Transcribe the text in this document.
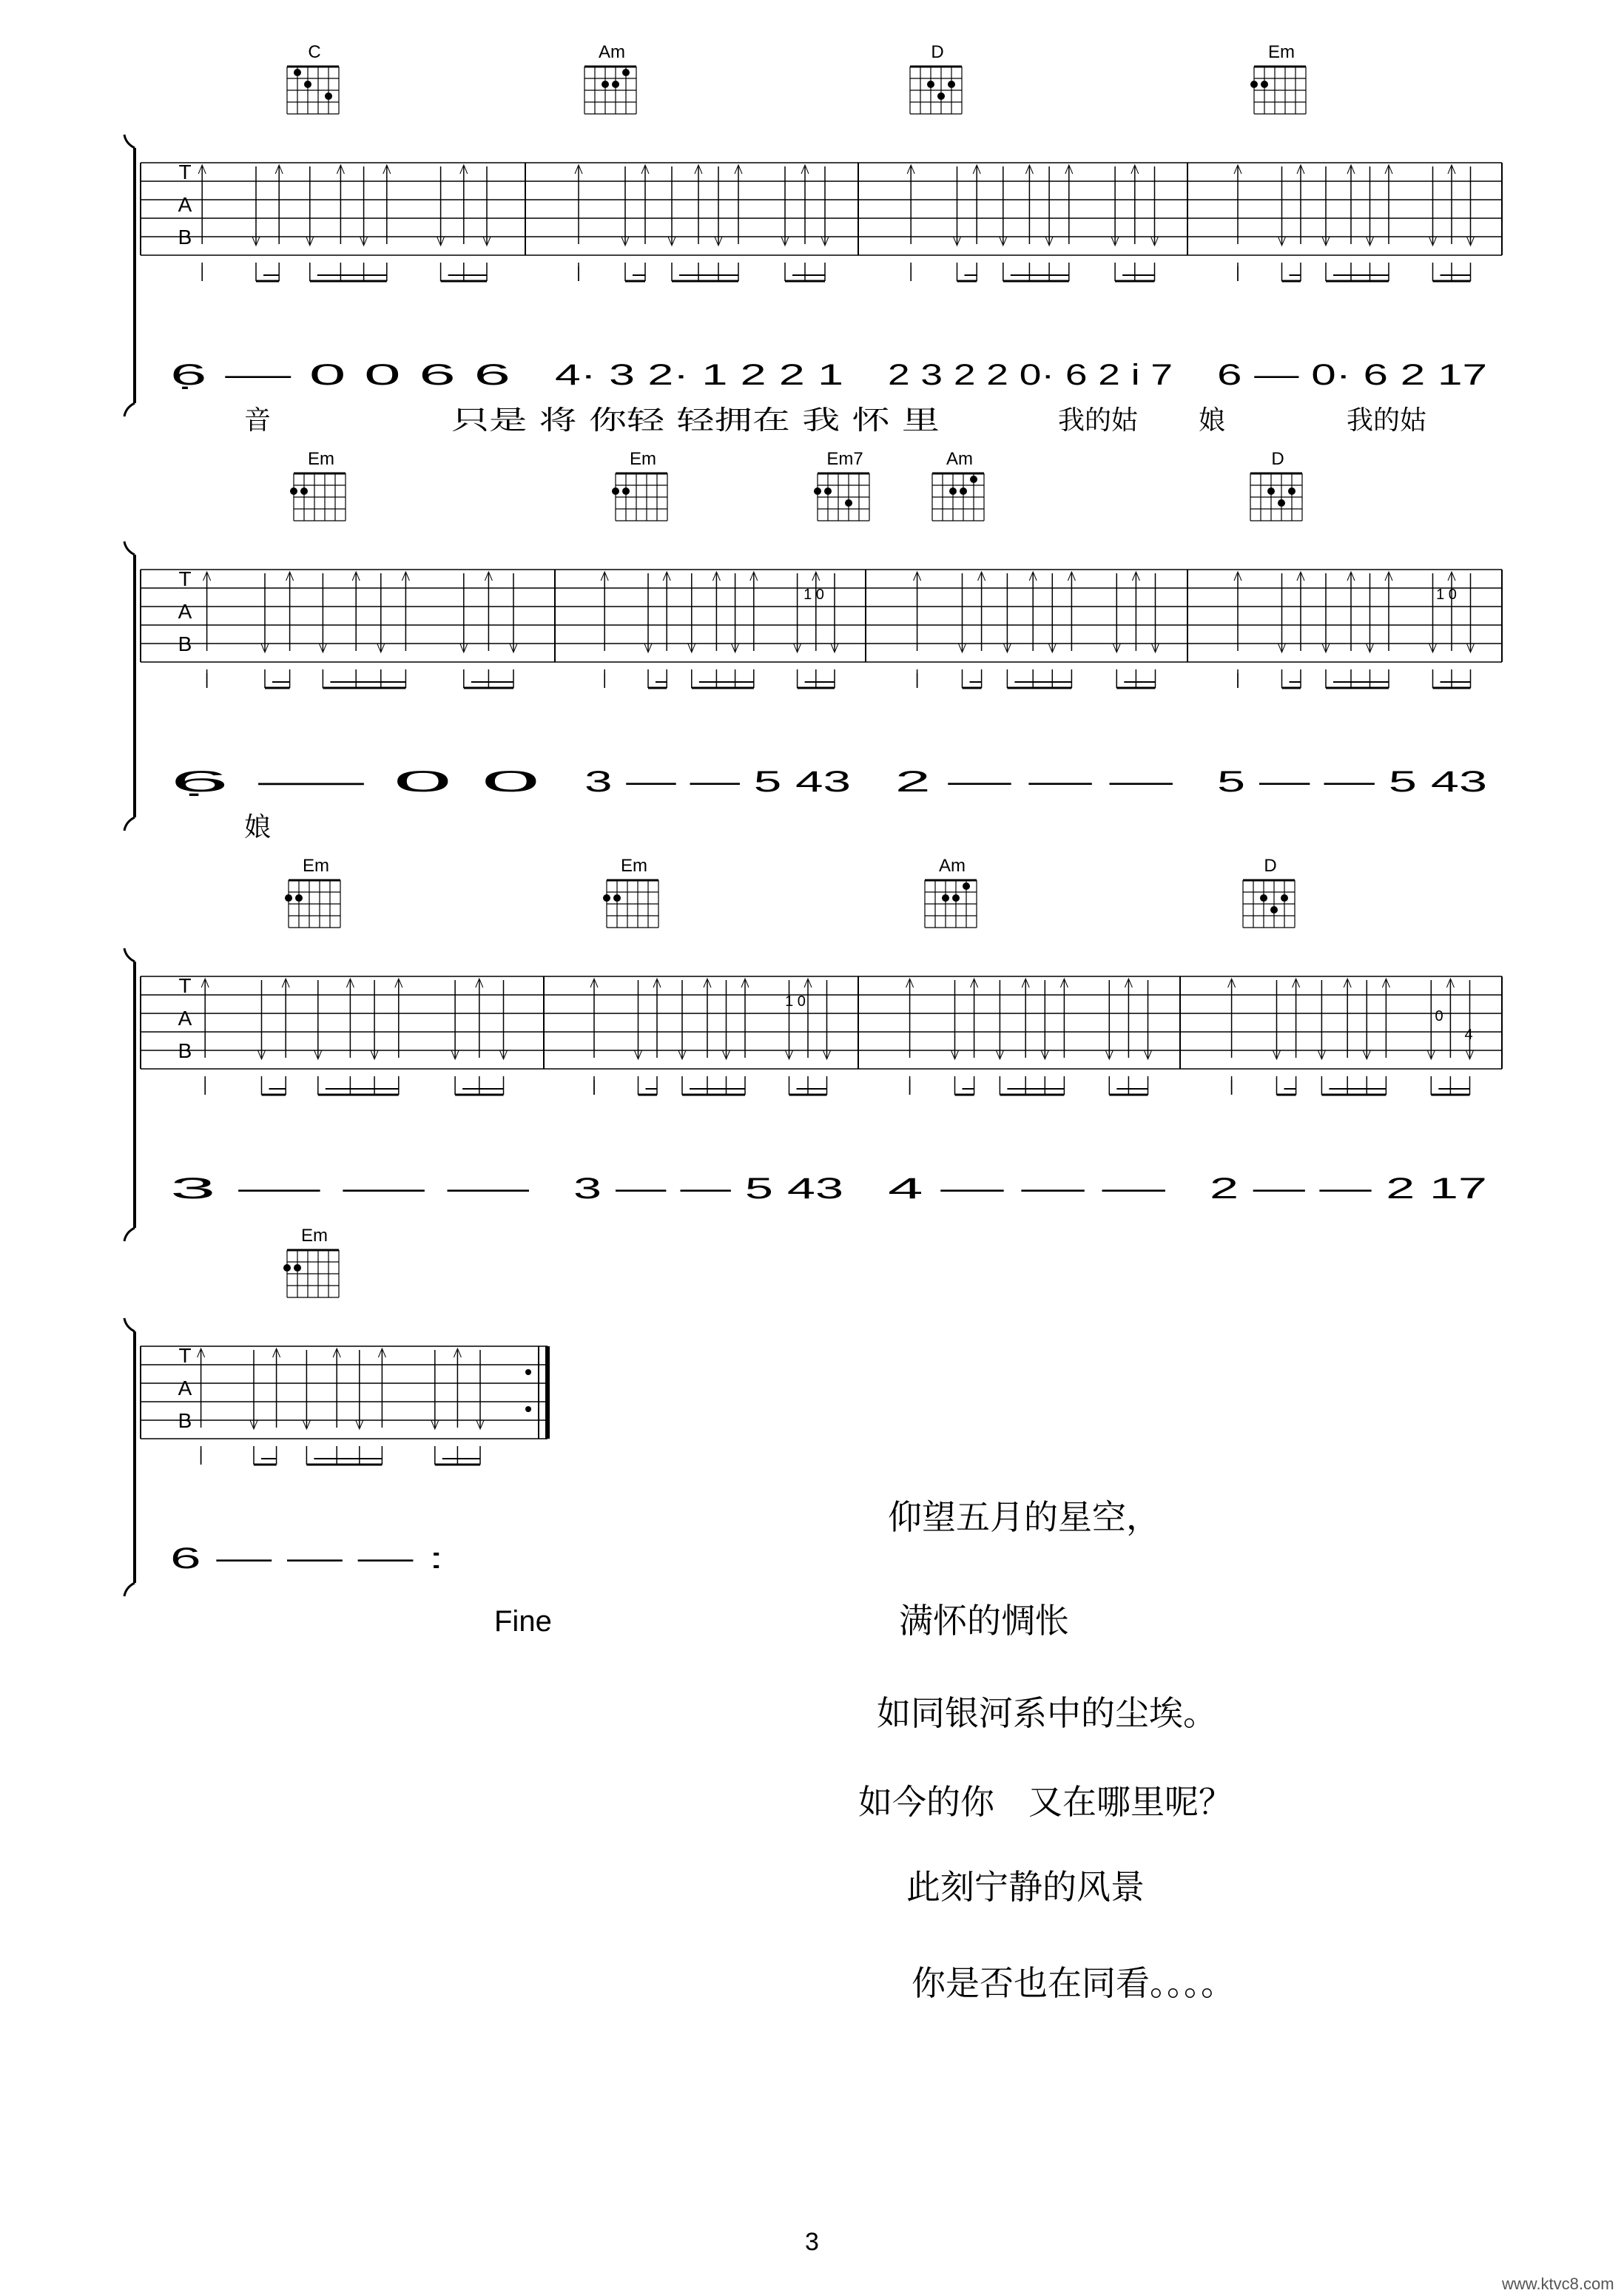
T
A
B
C	Am	D	Em
6̣ — 0 0 6 6 4· 3 2· 1 2 2 1 2 3 2 2 0· 6 2 i 7 6 — 0· 6 2 17
音	只是 将 你轻 轻拥在 我 怀 里	我的姑 娘	我的姑
T
A
B
Em	Em	Em7	Am	D
6̣ — 0 0 3 — — 5 43 2 — — — 5 — — 5 43
娘
T
A
B
Em	Em	Am	D
3 — — — 3 — — 5 43 4 — — — 2 — — 2 17
T
A
B
Em
6 — — — :
1 0	1 0
1 0
0
4
仰望五月的星空，
满怀的惆怅
如同银河系中的尘埃。
如今的你　又在哪里呢？
此刻宁静的风景
你是否也在同看。。。。
Fine
3
www.ktvc8.com
